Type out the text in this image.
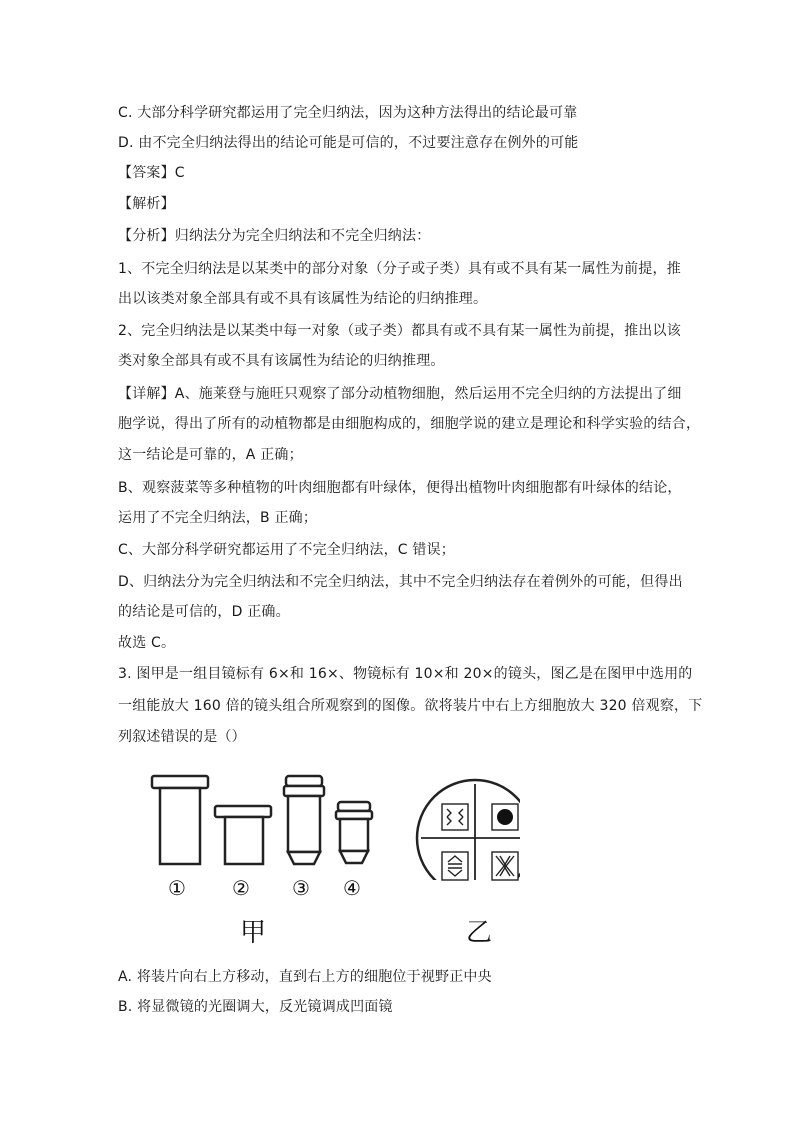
C. 大部分科学研究都运用了完全归纳法，因为这种方法得出的结论最可靠
D. 由不完全归纳法得出的结论可能是可信的，不过要注意存在例外的可能
【答案】C
【解析】
【分析】归纳法分为完全归纳法和不完全归纳法：
1、不完全归纳法是以某类中的部分对象（分子或子类）具有或不具有某一属性为前提，推
出以该类对象全部具有或不具有该属性为结论的归纳推理。
2、完全归纳法是以某类中每一对象（或子类）都具有或不具有某一属性为前提，推出以该
类对象全部具有或不具有该属性为结论的归纳推理。
【详解】A、施莱登与施旺只观察了部分动植物细胞，然后运用不完全归纳的方法提出了细
胞学说，得出了所有的动植物都是由细胞构成的，细胞学说的建立是理论和科学实验的结合，
这一结论是可靠的，A 正确；
B、观察菠菜等多种植物的叶肉细胞都有叶绿体，便得出植物叶肉细胞都有叶绿体的结论，
运用了不完全归纳法，B 正确；
C、大部分科学研究都运用了不完全归纳法，C 错误；
D、归纳法分为完全归纳法和不完全归纳法，其中不完全归纳法存在着例外的可能，但得出
的结论是可信的，D 正确。
故选 C。
3. 图甲是一组目镜标有 6×和 16×、物镜标有 10×和 20×的镜头，图乙是在图甲中选用的
一组能放大 160 倍的镜头组合所观察到的图像。欲将装片中右上方细胞放大 320 倍观察，下
列叙述错误的是（）
① ② ③ ④
甲	乙
A. 将装片向右上方移动，直到右上方的细胞位于视野正中央
B. 将显微镜的光圈调大，反光镜调成凹面镜
